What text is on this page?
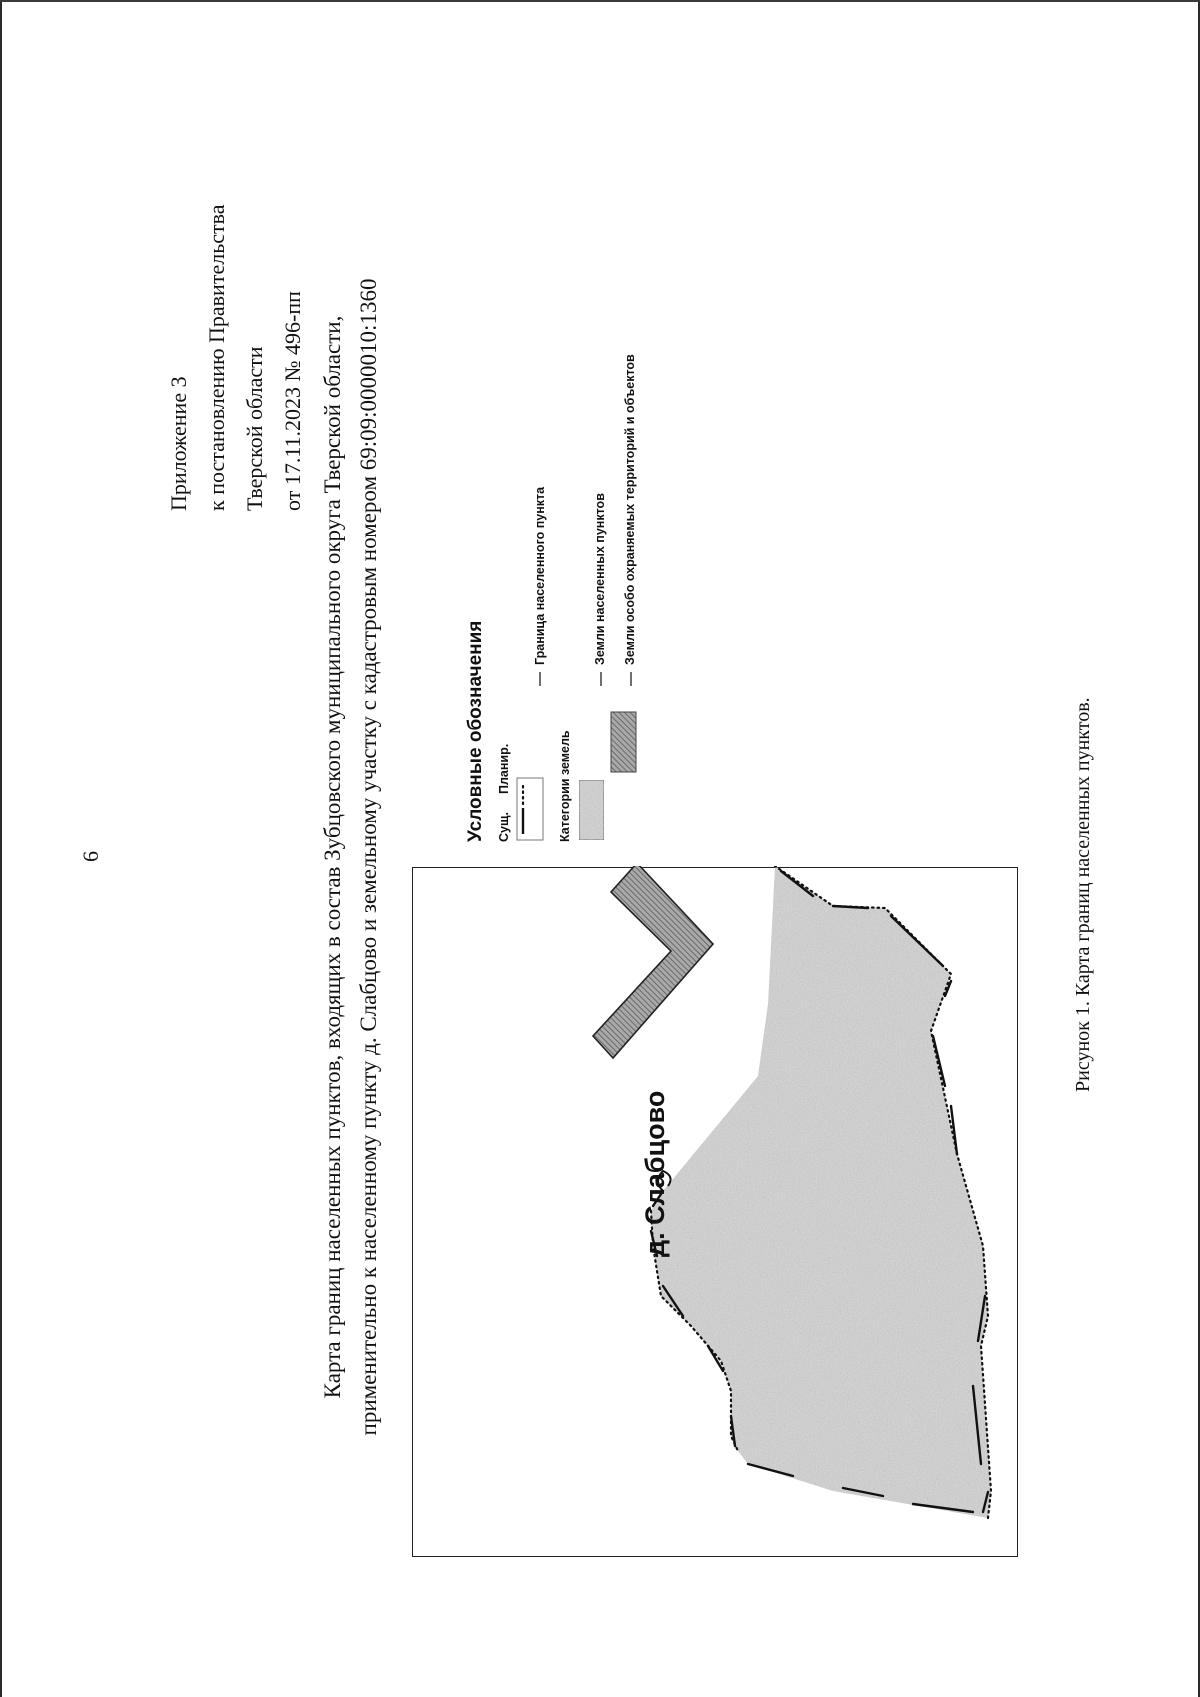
6
Приложение 3 к постановлению Правительства Тверской области от 17.11.2023 № 496-пп Карта границ населенных пунктов, входящих в состав Зубцовского муниципального округа Тверской области, применительно к населенному пункту д. Слабцово и земельному участку с кадастровым номером 69:09:0000010:1360	д. Слабцово
Условные обозначения Сущ.
Планир.
Граница населенного пункта
Категории земель
Земли населенных пунктов Земли особо охраняемых территорий и объектов
Рисунок 1. Карта границ населенных пунктов.
